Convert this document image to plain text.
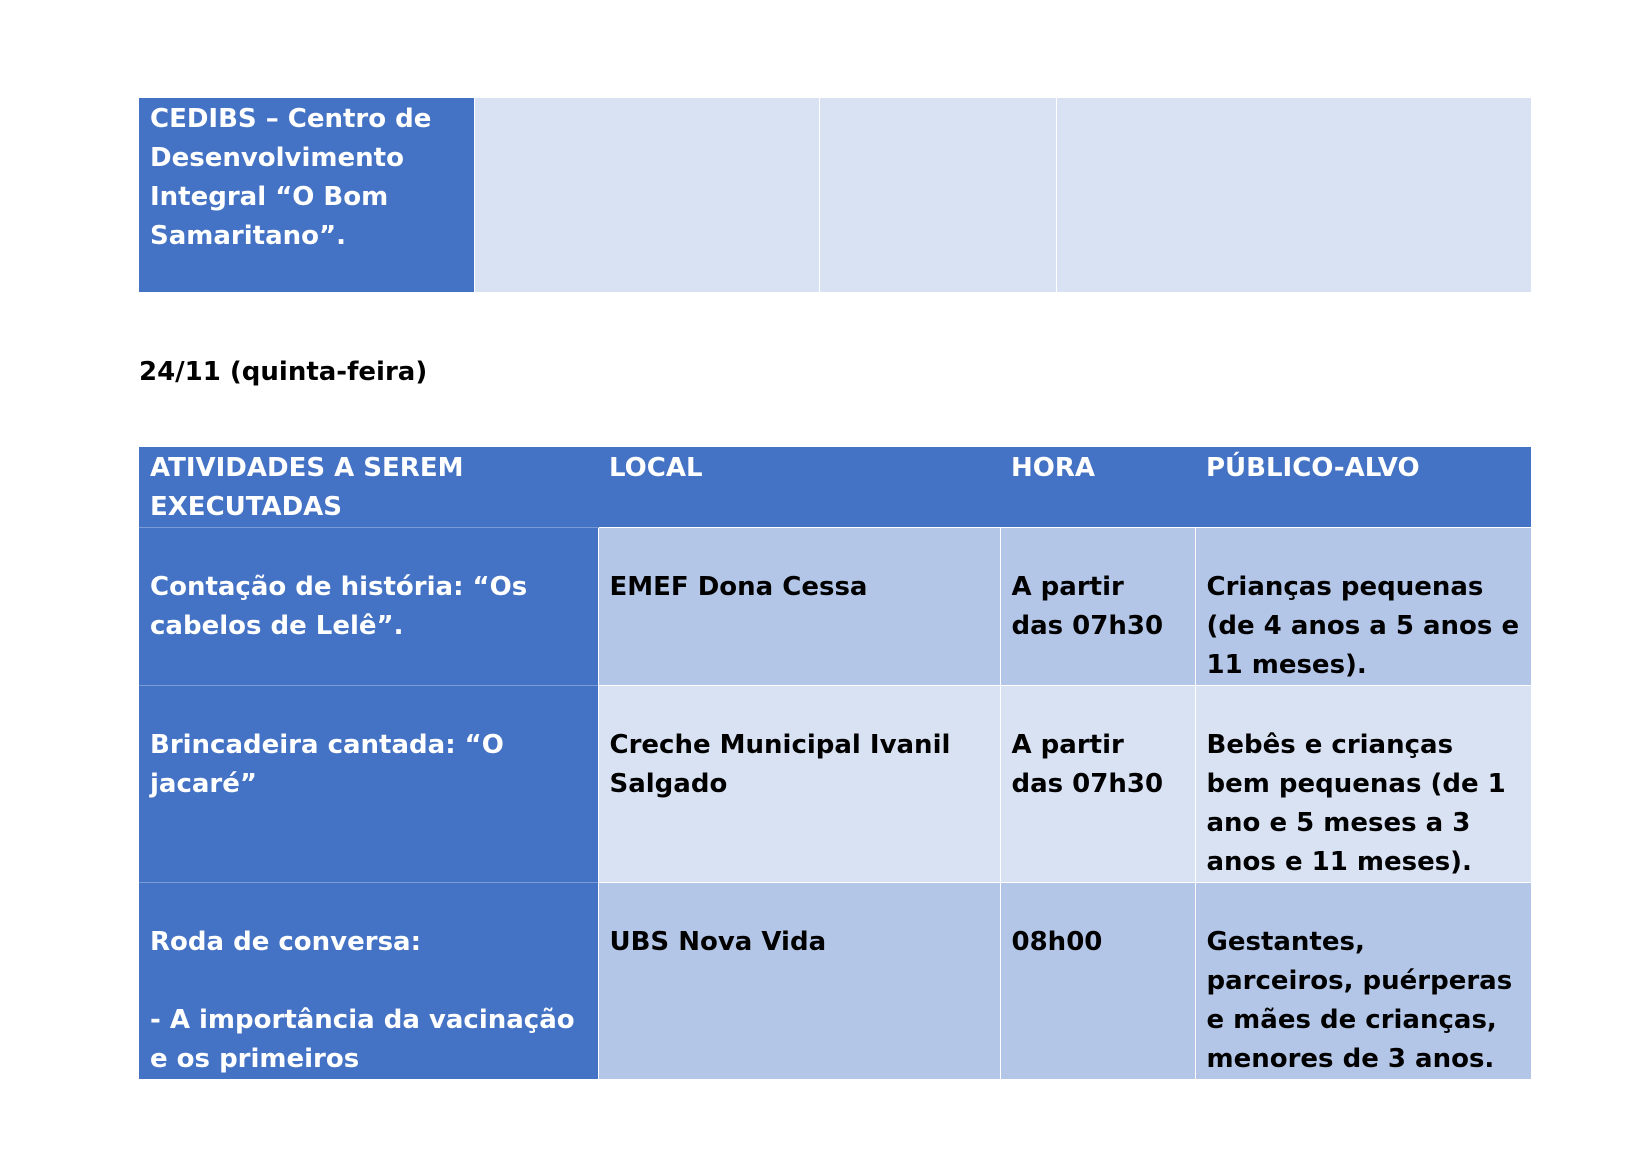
CEDIBS – Centro de Desenvolvimento Integral “O Bom Samaritano”.			

24/11 (quinta-feira)

ATIVIDADES A SEREM EXECUTADAS	LOCAL	HORA	PÚBLICO-ALVO
Contação de história: “Os cabelos de Lelê”.	EMEF Dona Cessa	A partir das 07h30	Crianças pequenas (de 4 anos a 5 anos e 11 meses).
Brincadeira cantada: “O jacaré”	Creche Municipal Ivanil Salgado	A partir das 07h30	Bebês e crianças bem pequenas (de 1 ano e 5 meses a 3 anos e 11 meses).

Roda de conversa:
- A importância da vacinação e os primeiros	UBS Nova Vida	08h00	Gestantes, parceiros, puérperas e mães de crianças, menores de 3 anos.
